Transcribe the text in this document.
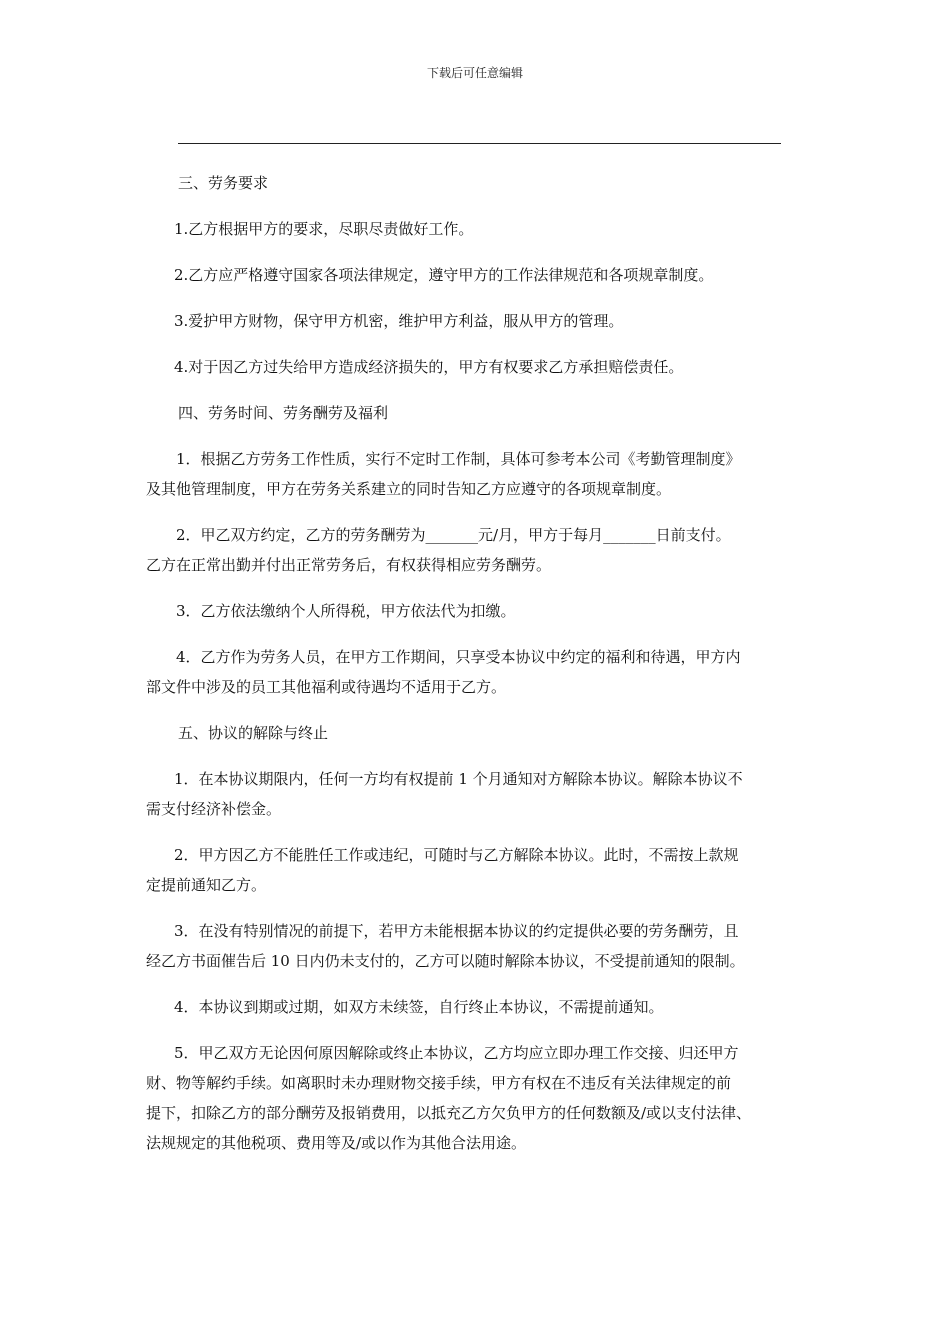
下载后可任意编辑

三、劳务要求

1.乙方根据甲方的要求，尽职尽责做好工作。

2.乙方应严格遵守国家各项法律规定，遵守甲方的工作法律规范和各项规章制度。

3.爱护甲方财物，保守甲方机密，维护甲方利益，服从甲方的管理。

4.对于因乙方过失给甲方造成经济损失的，甲方有权要求乙方承担赔偿责任。

四、劳务时间、劳务酬劳及福利

1．根据乙方劳务工作性质，实行不定时工作制，具体可参考本公司《考勤管理制度》
及其他管理制度，甲方在劳务关系建立的同时告知乙方应遵守的各项规章制度。
2．甲乙双方约定，乙方的劳务酬劳为_______元/月，甲方于每月_______日前支付。
乙方在正常出勤并付出正常劳务后，有权获得相应劳务酬劳。
3．乙方依法缴纳个人所得税，甲方依法代为扣缴。
4．乙方作为劳务人员，在甲方工作期间，只享受本协议中约定的福利和待遇，甲方内
部文件中涉及的员工其他福利或待遇均不适用于乙方。

五、协议的解除与终止

1．在本协议期限内，任何一方均有权提前 1 个月通知对方解除本协议。解除本协议不
需支付经济补偿金。
2．甲方因乙方不能胜任工作或违纪，可随时与乙方解除本协议。此时，不需按上款规
定提前通知乙方。
3．在没有特别情况的前提下，若甲方未能根据本协议的约定提供必要的劳务酬劳，且
经乙方书面催告后 10 日内仍未支付的，乙方可以随时解除本协议，不受提前通知的限制。
4．本协议到期或过期，如双方未续签，自行终止本协议，不需提前通知。
5．甲乙双方无论因何原因解除或终止本协议，乙方均应立即办理工作交接、归还甲方
财、物等解约手续。如离职时未办理财物交接手续，甲方有权在不违反有关法律规定的前
提下，扣除乙方的部分酬劳及报销费用，以抵充乙方欠负甲方的任何数额及/或以支付法律、
法规规定的其他税项、费用等及/或以作为其他合法用途。
